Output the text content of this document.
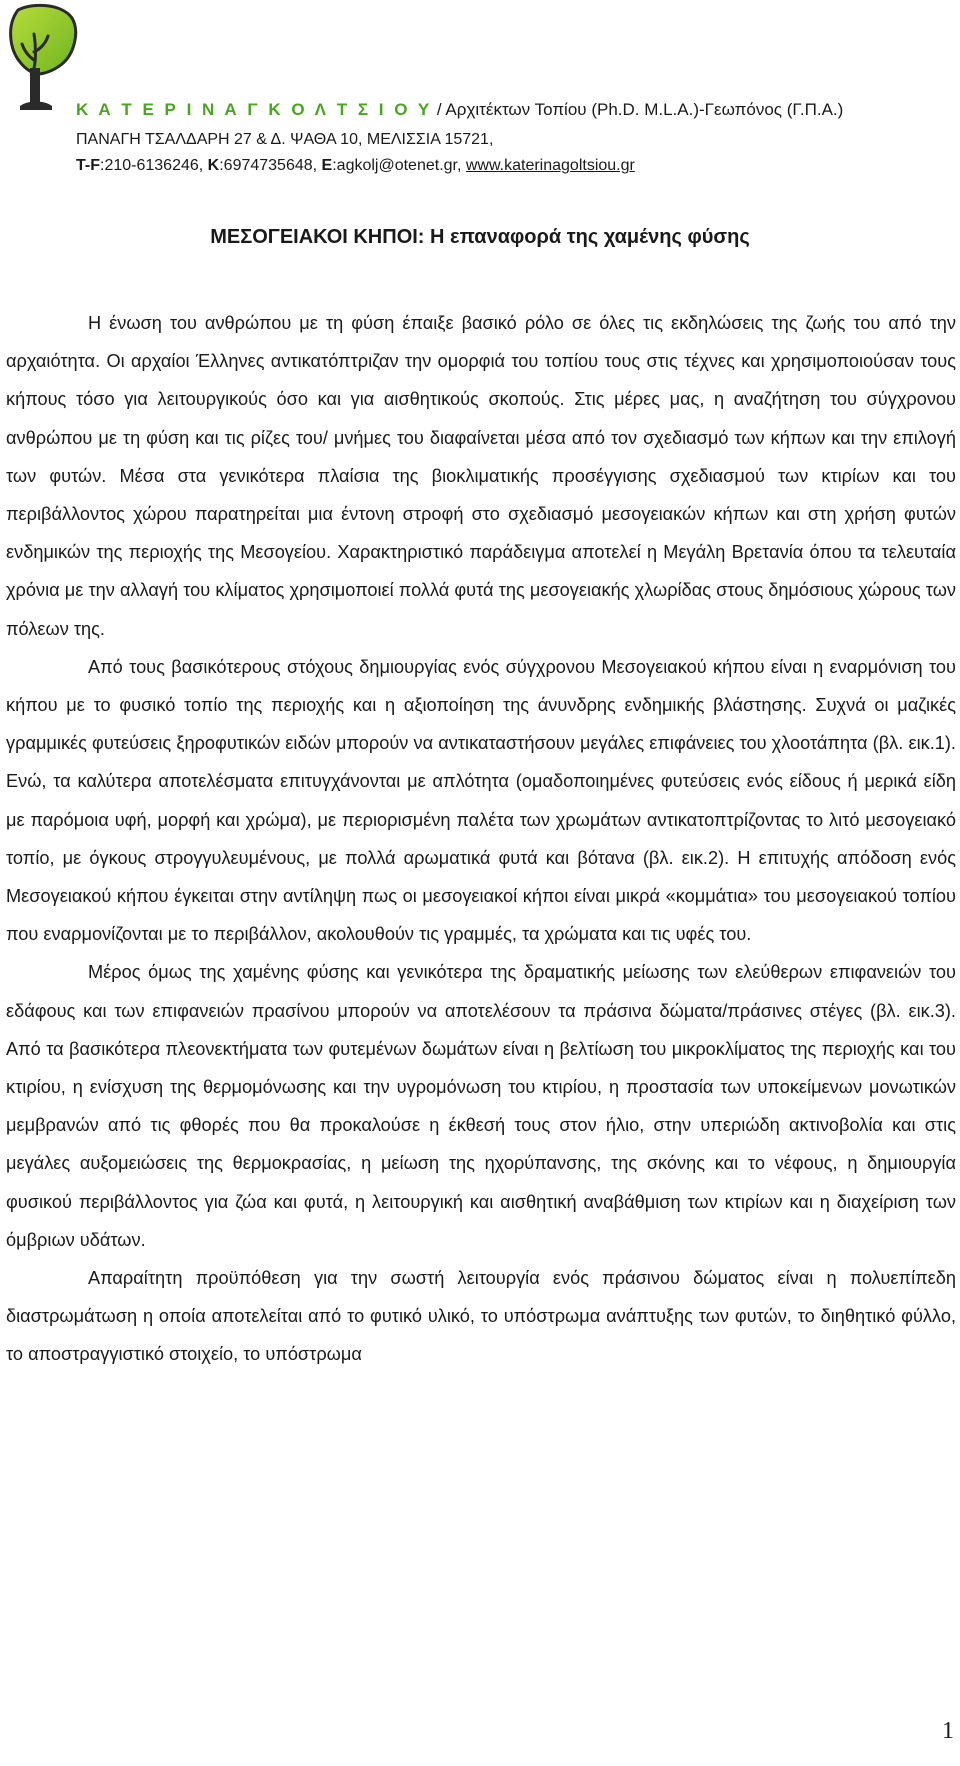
Κ Α Τ Ε Ρ Ι Ν Α Γ Κ Ο Λ Τ Σ Ι Ο Υ / Αρχιτέκτων Τοπίου (Ph.D. M.L.A.)-Γεωπόνος (Γ.Π.Α.)
ΠΑΝΑΓΗ ΤΣΑΛΔΑΡΗ 27 & Δ. ΨΑΘΑ 10, ΜΕΛΙΣΣΙΑ 15721,
T-F:210-6136246, K:6974735648, E:agkolj@otenet.gr, www.katerinagoltsiou.gr
ΜΕΣΟΓΕΙΑΚΟΙ ΚΗΠΟΙ: Η επαναφορά της χαμένης φύσης

Η ένωση του ανθρώπου με τη φύση έπαιξε βασικό ρόλο σε όλες τις εκδηλώσεις της ζωής του από την αρχαιότητα. Οι αρχαίοι Έλληνες αντικατόπτριζαν την ομορφιά του τοπίου τους στις τέχνες και χρησιμοποιούσαν τους κήπους τόσο για λειτουργικούς όσο και για αισθητικούς σκοπούς. Στις μέρες μας, η αναζήτηση του σύγχρονου ανθρώπου με τη φύση και τις ρίζες του/ μνήμες του διαφαίνεται μέσα από τον σχεδιασμό των κήπων και την επιλογή των φυτών. Μέσα στα γενικότερα πλαίσια της βιοκλιματικής προσέγγισης σχεδιασμού των κτιρίων και του περιβάλλοντος χώρου παρατηρείται μια έντονη στροφή στο σχεδιασμό μεσογειακών κήπων και στη χρήση φυτών ενδημικών της περιοχής της Μεσογείου. Χαρακτηριστικό παράδειγμα αποτελεί η Μεγάλη Βρετανία όπου τα τελευταία χρόνια με την αλλαγή του κλίματος χρησιμοποιεί πολλά φυτά της μεσογειακής χλωρίδας στους δημόσιους χώρους των πόλεων της.

Από τους βασικότερους στόχους δημιουργίας ενός σύγχρονου Μεσογειακού κήπου είναι η εναρμόνιση του κήπου με το φυσικό τοπίο της περιοχής και η αξιοποίηση της άνυνδρης ενδημικής βλάστησης. Συχνά οι μαζικές γραμμικές φυτεύσεις ξηροφυτικών ειδών μπορούν να αντικαταστήσουν μεγάλες επιφάνειες του χλοοτάπητα (βλ. εικ.1). Ενώ, τα καλύτερα αποτελέσματα επιτυγχάνονται με απλότητα (ομαδοποιημένες φυτεύσεις ενός είδους ή μερικά είδη με παρόμοια υφή, μορφή και χρώμα), με περιορισμένη παλέτα των χρωμάτων αντικατοπτρίζοντας το λιτό μεσογειακό τοπίο, με όγκους στρογγυλευμένους, με πολλά αρωματικά φυτά και βότανα (βλ. εικ.2). Η επιτυχής απόδοση ενός Μεσογειακού κήπου έγκειται στην αντίληψη πως οι μεσογειακοί κήποι είναι μικρά «κομμάτια» του μεσογειακού τοπίου που εναρμονίζονται με το περιβάλλον, ακολουθούν τις γραμμές, τα χρώματα και τις υφές του.

Μέρος όμως της χαμένης φύσης και γενικότερα της δραματικής μείωσης των ελεύθερων επιφανειών του εδάφους και των επιφανειών πρασίνου μπορούν να αποτελέσουν τα πράσινα δώματα/πράσινες στέγες (βλ. εικ.3). Από τα βασικότερα πλεονεκτήματα των φυτεμένων δωμάτων είναι η βελτίωση του μικροκλίματος της περιοχής και του κτιρίου, η ενίσχυση της θερμομόνωσης και την υγρομόνωση του κτιρίου, η προστασία των υποκείμενων μονωτικών μεμβρανών από τις φθορές που θα προκαλούσε η έκθεσή τους στον ήλιο, στην υπεριώδη ακτινοβολία και στις μεγάλες αυξομειώσεις της θερμοκρασίας, η μείωση της ηχορύπανσης, της σκόνης και το νέφους, η δημιουργία φυσικού περιβάλλοντος για ζώα και φυτά, η λειτουργική και αισθητική αναβάθμιση των κτιρίων και η διαχείριση των όμβριων υδάτων.

Απαραίτητη προϋπόθεση για την σωστή λειτουργία ενός πράσινου δώματος είναι η πολυεπίπεδη διαστρωμάτωση η οποία αποτελείται από το φυτικό υλικό, το υπόστρωμα ανάπτυξης των φυτών, το διηθητικό φύλλο, το αποστραγγιστικό στοιχείο, το υπόστρωμα

1
